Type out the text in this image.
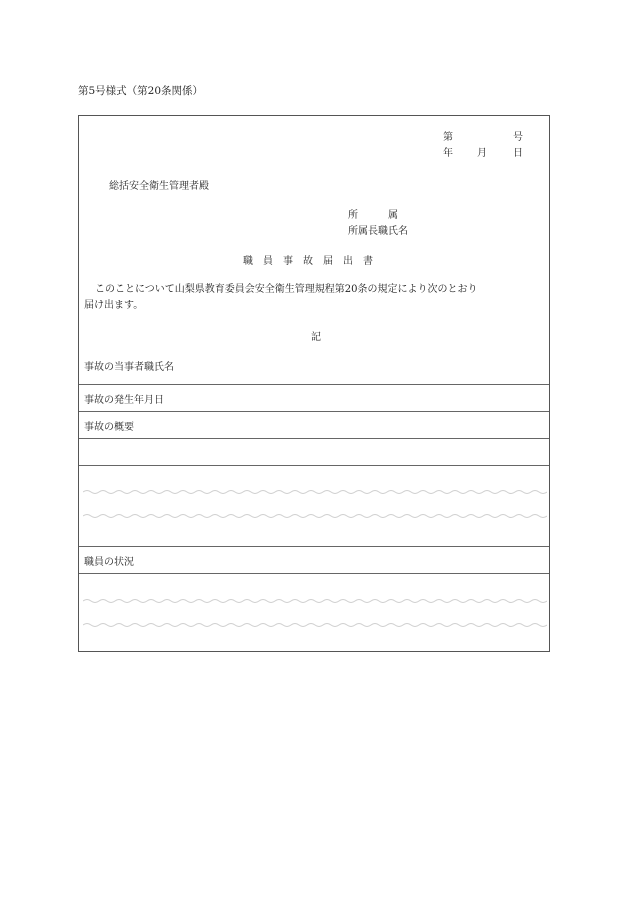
第5号様式（第20条関係）
第	号
年 月	日
総括安全衛生管理者殿
所　　　属
所属長職氏名
職　員　事　故　届　出　書
このことについて山梨県教育委員会安全衛生管理規程第20条の規定により次のとおり
届け出ます。
記
事故の当事者職氏名
事故の発生年月日
事故の概要
職員の状況
